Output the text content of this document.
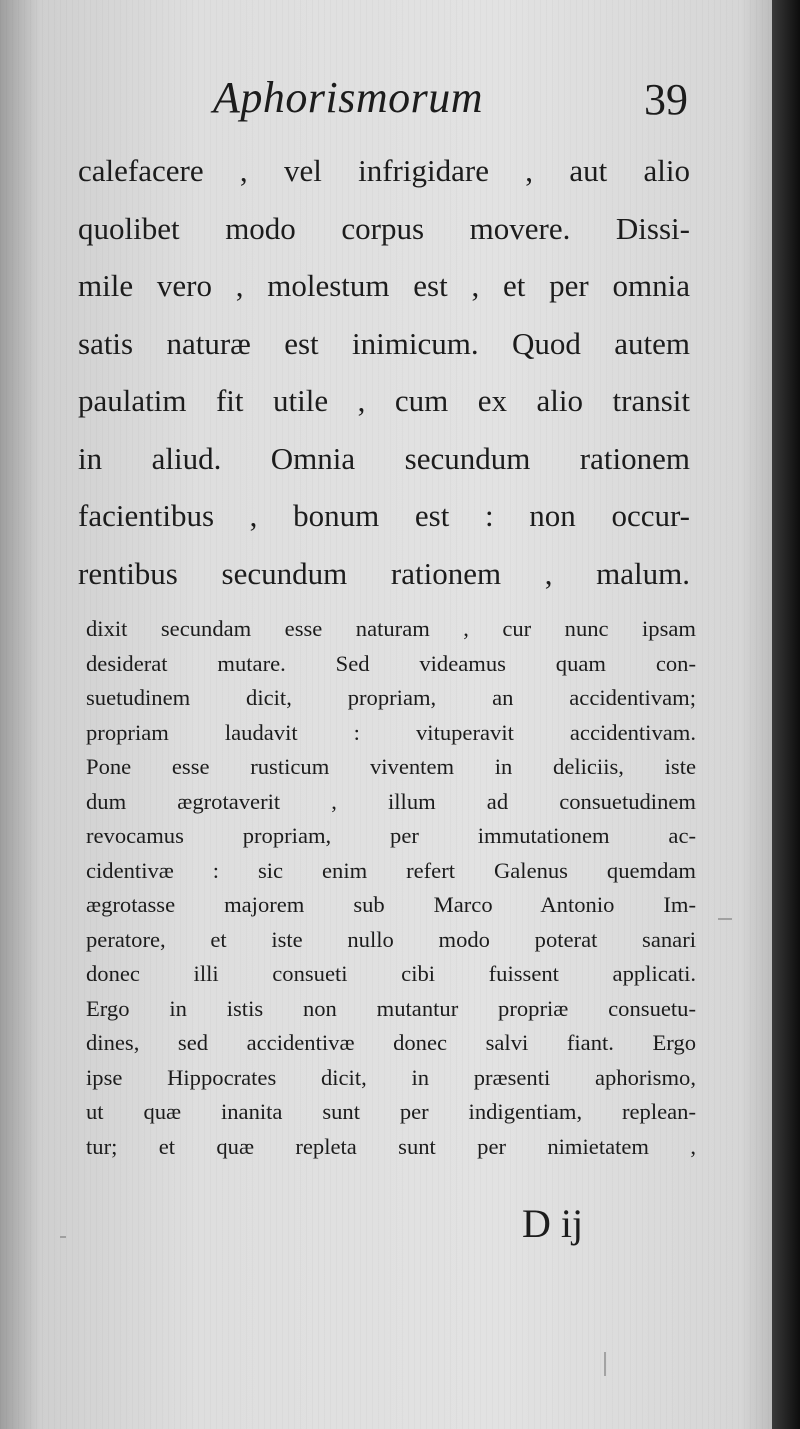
Aphorismorum	39
calefacere , vel infrigidare , aut alio
quolibet modo corpus movere. Dissi-
mile vero , molestum est , et per omnia
satis naturæ est inimicum. Quod autem
paulatim fit utile , cum ex alio transit
in aliud. Omnia secundum rationem
facientibus , bonum est : non occur-
rentibus secundum rationem , malum.
dixit secundam esse naturam , cur nunc ipsam
desiderat mutare. Sed videamus quam con-
suetudinem dicit, propriam, an accidentivam;
propriam laudavit : vituperavit accidentivam.
Pone esse rusticum viventem in deliciis, iste
dum ægrotaverit , illum ad consuetudinem
revocamus propriam, per immutationem ac-
cidentivæ : sic enim refert Galenus quemdam
ægrotasse majorem sub Marco Antonio Im-
peratore, et iste nullo modo poterat sanari
donec illi consueti cibi fuissent applicati.
Ergo in istis non mutantur propriæ consuetu-
dines, sed accidentivæ donec salvi fiant. Ergo
ipse Hippocrates dicit, in præsenti aphorismo,
ut quæ inanita sunt per indigentiam, replean-
tur; et quæ repleta sunt per nimietatem ,
D ij
